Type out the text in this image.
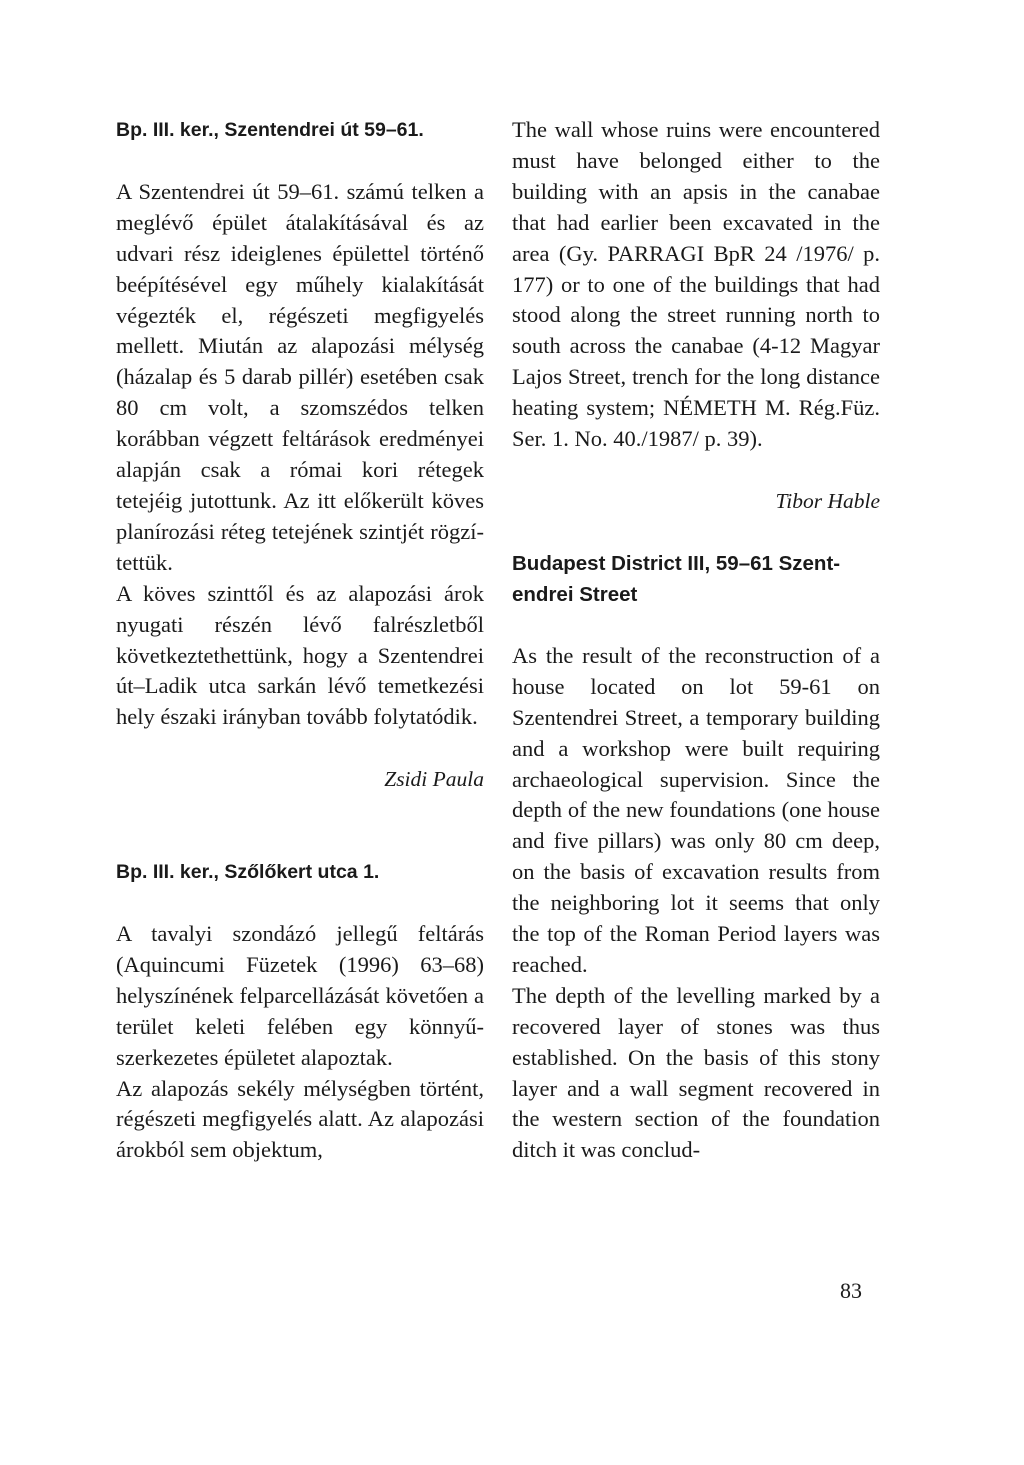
Bp. III. ker., Szentendrei út 59–61.

A Szentendrei út 59–61. számú telken a meglévő épület átalakításával és az udvari rész ideiglenes épülettel történő beépítésével egy műhely kialakítását végezték el, régészeti megfigyelés mellett. Miután az alapozási mélység (házalap és 5 darab pillér) esetében csak 80 cm volt, a szomszédos telken korábban végzett feltárások eredményei alapján csak a római kori rétegek tetejéig jutottunk. Az itt előkerült köves planírozási réteg tetejének szintjét rögzítettük.

A köves szinttől és az alapozási árok nyugati részén lévő falrészletből következtethettünk, hogy a Szentendrei út–Ladik utca sarkán lévő temetkezési hely északi irányban tovább folytatódik.

Zsidi Paula

Bp. III. ker., Szőlőkert utca 1.

A tavalyi szondázó jellegű feltárás (Aquincumi Füzetek (1996) 63–68) helyszínének felparcellázását követően a terület keleti felében egy könnyűszerkezetes épületet alapoztak.

Az alapozás sekély mélységben történt, régészeti megfigyelés alatt. Az alapozási árokból sem objektum,

The wall whose ruins were encountered must have belonged either to the building with an apsis in the canabae that had earlier been excavated in the area (Gy. PARRAGI BpR 24 /1976/ p. 177) or to one of the buildings that had stood along the street running north to south across the canabae (4-12 Magyar Lajos Street, trench for the long distance heating system; NÉMETH M. Rég.Füz. Ser. 1. No. 40./1987/ p. 39).

Tibor Hable

Budapest District III, 59–61 Szentendrei Street

As the result of the reconstruction of a house located on lot 59-61 on Szentendrei Street, a temporary building and a workshop were built requiring archaeological supervision. Since the depth of the new foundations (one house and five pillars) was only 80 cm deep, on the basis of excavation results from the neighboring lot it seems that only the top of the Roman Period layers was reached.

The depth of the levelling marked by a recovered layer of stones was thus established. On the basis of this stony layer and a wall segment recovered in the western section of the foundation ditch it was conclud-

83
